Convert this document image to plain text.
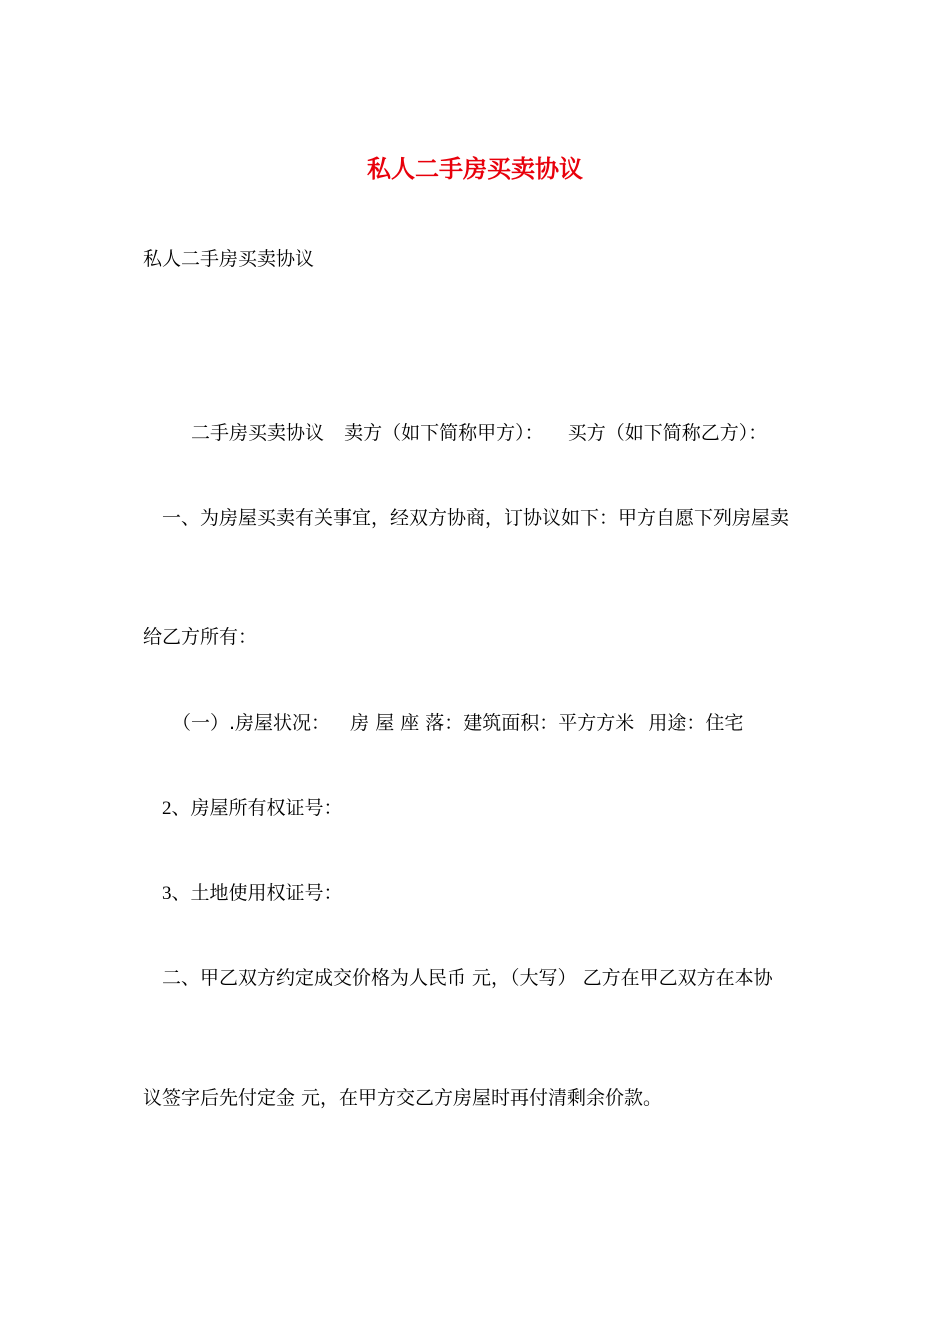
私人二手房买卖协议
私人二手房买卖协议
二手房买卖协议 卖方（如下简称甲方）： 买方（如下简称乙方）：
一、为房屋买卖有关事宜，经双方协商，订协议如下：甲方自愿下列房屋卖
给乙方所有：
（一）.房屋状况： 房 屋 座 落：建筑面积：平方方米 用途：住宅
2、房屋所有权证号：
3、土地使用权证号：
二、甲乙双方约定成交价格为人民币 元，（大写） 乙方在甲乙双方在本协
议签字后先付定金 元，在甲方交乙方房屋时再付清剩余价款。
